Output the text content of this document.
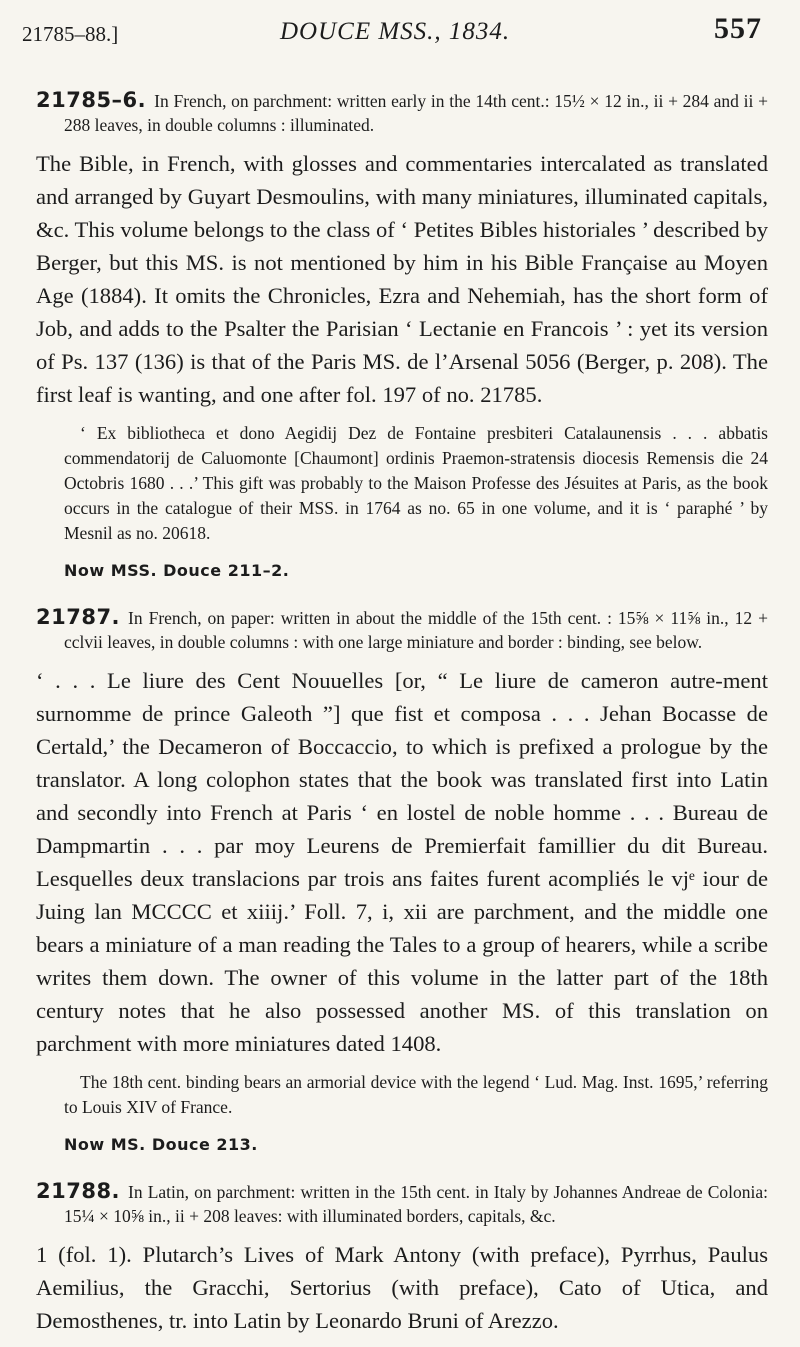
21785–88.]	DOUCE MSS., 1834.	557

21785–6. In French, on parchment: written early in the 14th cent.: 15½ × 12 in., ii + 284 and ii + 288 leaves, in double columns : illuminated.

The Bible, in French, with glosses and commentaries intercalated as translated and arranged by Guyart Desmoulins, with many miniatures, illuminated capitals, &c. This volume belongs to the class of ‘ Petites Bibles historiales ’ described by Berger, but this MS. is not mentioned by him in his Bible Française au Moyen Age (1884). It omits the Chronicles, Ezra and Nehemiah, has the short form of Job, and adds to the Psalter the Parisian ‘ Lectanie en Francois ’ : yet its version of Ps. 137 (136) is that of the Paris MS. de l’Arsenal 5056 (Berger, p. 208). The first leaf is wanting, and one after fol. 197 of no. 21785.

‘ Ex bibliotheca et dono Aegidij Dez de Fontaine presbiteri Catalaunensis . . . abbatis commendatorij de Caluomonte [Chaumont] ordinis Praemon-stratensis diocesis Remensis die 24 Octobris 1680 . . .’ This gift was probably to the Maison Professe des Jésuites at Paris, as the book occurs in the catalogue of their MSS. in 1764 as no. 65 in one volume, and it is ‘ paraphé ’ by Mesnil as no. 20618.

Now MSS. Douce 211–2.

21787. In French, on paper: written in about the middle of the 15th cent. : 15⅝ × 11⅝ in., 12 + cclvii leaves, in double columns : with one large miniature and border : binding, see below.

‘ . . . Le liure des Cent Nouuelles [or, “ Le liure de cameron autre-ment surnomme de prince Galeoth ”] que fist et composa . . . Jehan Bocasse de Certald,’ the Decameron of Boccaccio, to which is prefixed a prologue by the translator. A long colophon states that the book was translated first into Latin and secondly into French at Paris ‘ en lostel de noble homme . . . Bureau de Dampmartin . . . par moy Leurens de Premierfait famillier du dit Bureau. Lesquelles deux translacions par trois ans faites furent acompliés le vjᵉ iour de Juing lan MCCCC et xiiij.’ Foll. 7, i, xii are parchment, and the middle one bears a miniature of a man reading the Tales to a group of hearers, while a scribe writes them down. The owner of this volume in the latter part of the 18th century notes that he also possessed another MS. of this translation on parchment with more miniatures dated 1408.

The 18th cent. binding bears an armorial device with the legend ‘ Lud. Mag. Inst. 1695,’ referring to Louis XIV of France.

Now MS. Douce 213.

21788. In Latin, on parchment: written in the 15th cent. in Italy by Johannes Andreae de Colonia: 15¼ × 10⅝ in., ii + 208 leaves: with illuminated borders, capitals, &c.

1 (fol. 1). Plutarch’s Lives of Mark Antony (with preface), Pyrrhus, Paulus Aemilius, the Gracchi, Sertorius (with preface), Cato of Utica, and Demosthenes, tr. into Latin by Leonardo Bruni of Arezzo.
